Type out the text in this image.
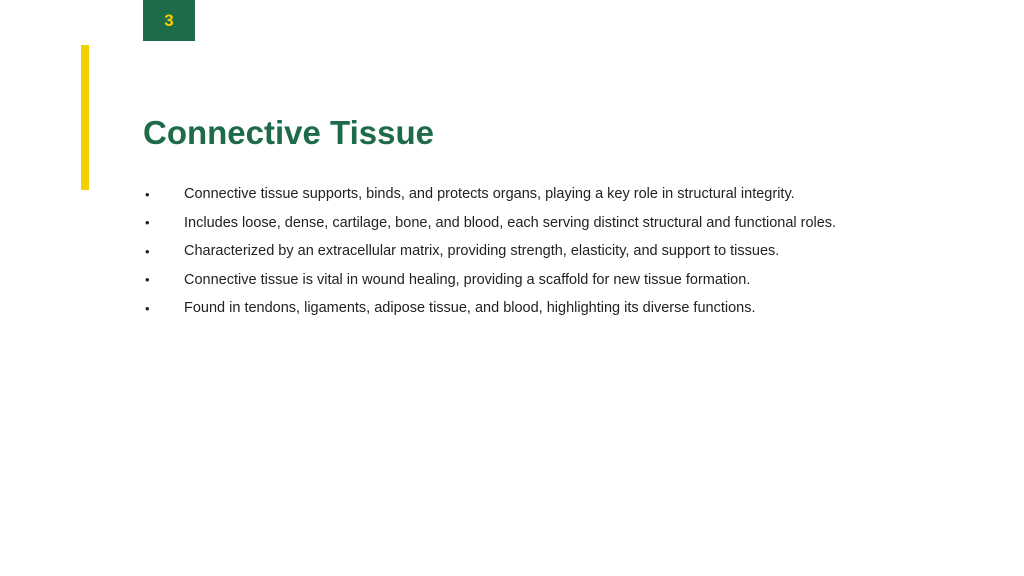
3
Connective Tissue
•	Connective tissue supports, binds, and protects organs, playing a key role in structural integrity.
•	Includes loose, dense, cartilage, bone, and blood, each serving distinct structural and functional roles.
•	Characterized by an extracellular matrix, providing strength, elasticity, and support to tissues.
•	Connective tissue is vital in wound healing, providing a scaffold for new tissue formation.
•	Found in tendons, ligaments, adipose tissue, and blood, highlighting its diverse functions.
